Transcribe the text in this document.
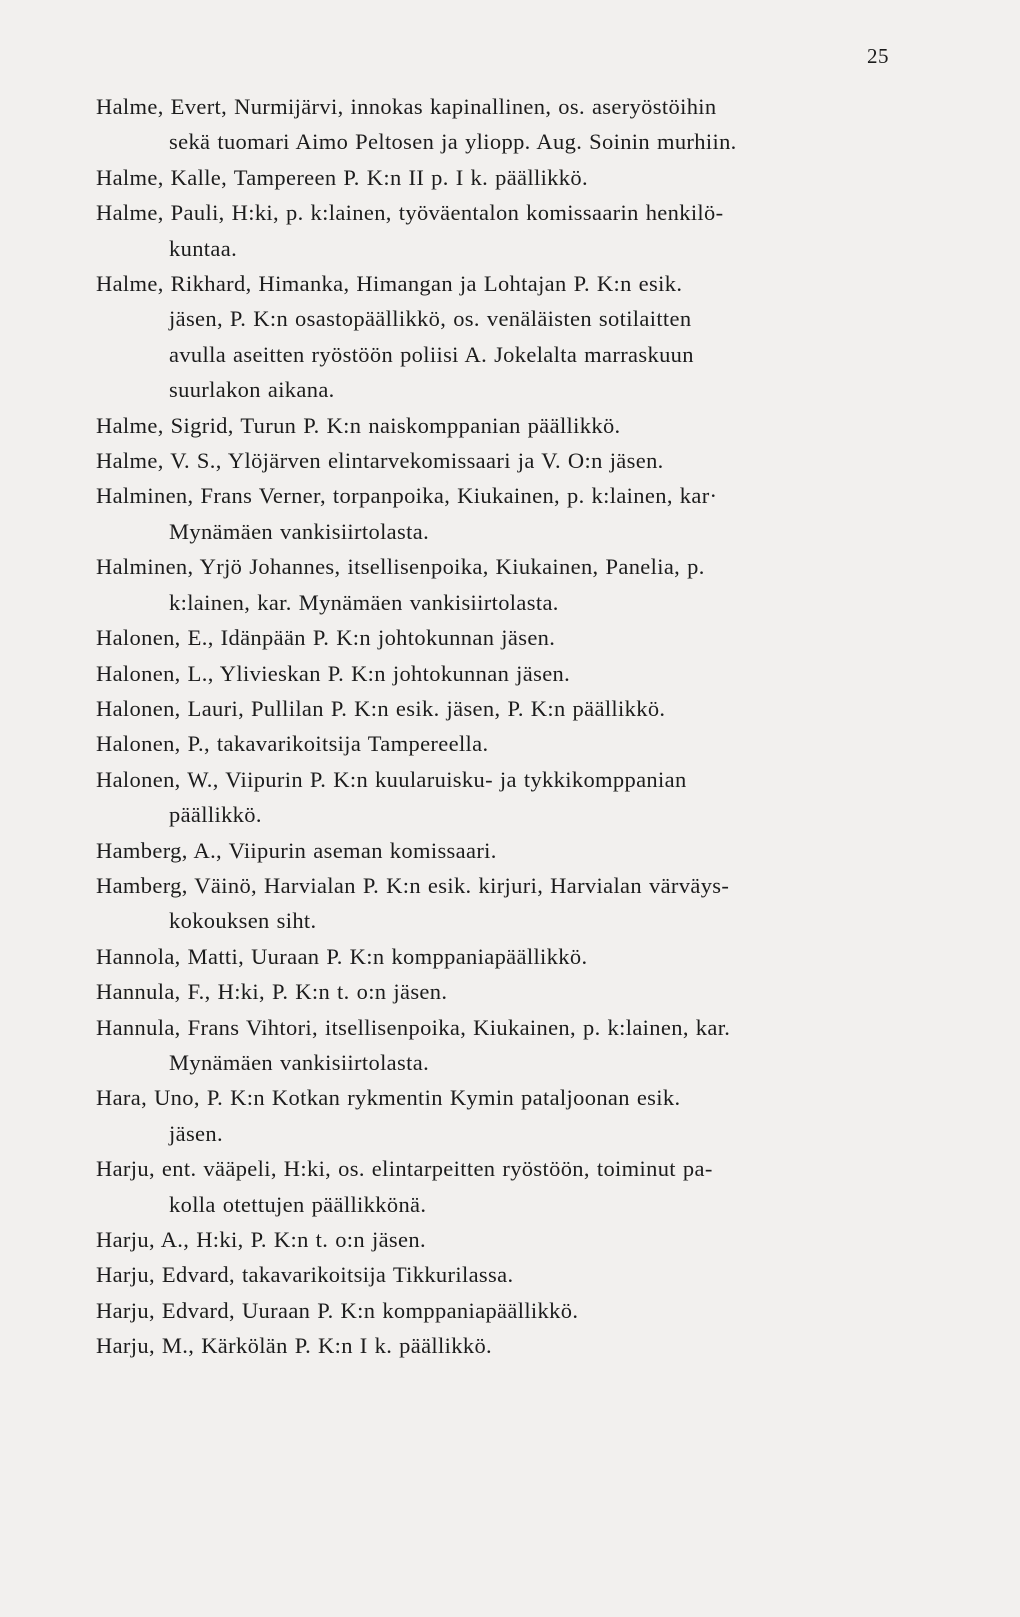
25
Halme, Evert, Nurmijärvi, innokas kapinallinen, os. aseryöstöihin
sekä tuomari Aimo Peltosen ja yliopp. Aug. Soinin murhiin.
Halme, Kalle, Tampereen P. K:n II p. I k. päällikkö.
Halme, Pauli, H:ki, p. k:lainen, työväentalon komissaarin henkilö-
kuntaa.
Halme, Rikhard, Himanka, Himangan ja Lohtajan P. K:n esik.
jäsen, P. K:n osastopäällikkö, os. venäläisten sotilaitten
avulla aseitten ryöstöön poliisi A. Jokelalta marraskuun
suurlakon aikana.
Halme, Sigrid, Turun P. K:n naiskomppanian päällikkö.
Halme, V. S., Ylöjärven elintarvekomissaari ja V. O:n jäsen.
Halminen, Frans Verner, torpanpoika, Kiukainen, p. k:lainen, kar·
Mynämäen vankisiirtolasta.
Halminen, Yrjö Johannes, itsellisenpoika, Kiukainen, Panelia, p.
k:lainen, kar. Mynämäen vankisiirtolasta.
Halonen, E., Idänpään P. K:n johtokunnan jäsen.
Halonen, L., Ylivieskan P. K:n johtokunnan jäsen.
Halonen, Lauri, Pullilan P. K:n esik. jäsen, P. K:n päällikkö.
Halonen, P., takavarikoitsija Tampereella.
Halonen, W., Viipurin P. K:n kuularuisku- ja tykkikomppanian
päällikkö.
Hamberg, A., Viipurin aseman komissaari.
Hamberg, Väinö, Harvialan P. K:n esik. kirjuri, Harvialan värväys-
kokouksen siht.
Hannola, Matti, Uuraan P. K:n komppaniapäällikkö.
Hannula, F., H:ki, P. K:n t. o:n jäsen.
Hannula, Frans Vihtori, itsellisenpoika, Kiukainen, p. k:lainen, kar.
Mynämäen vankisiirtolasta.
Hara, Uno, P. K:n Kotkan rykmentin Kymin pataljoonan esik.
jäsen.
Harju, ent. vääpeli, H:ki, os. elintarpeitten ryöstöön, toiminut pa-
kolla otettujen päällikkönä.
Harju, A., H:ki, P. K:n t. o:n jäsen.
Harju, Edvard, takavarikoitsija Tikkurilassa.
Harju, Edvard, Uuraan P. K:n komppaniapäällikkö.
Harju, M., Kärkölän P. K:n I k. päällikkö.
